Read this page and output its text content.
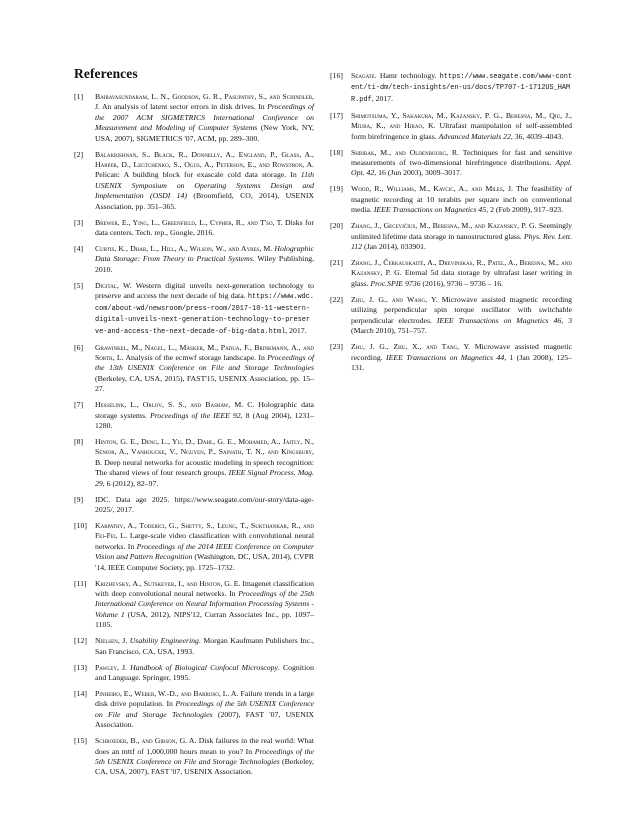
References
[1] Bairavasundaram, L. N., Goodson, G. R., Pasupathy, S., and Schindler, J. An analysis of latent sector errors in disk drives. In Proceedings of the 2007 ACM SIGMETRICS International Conference on Measurement and Modeling of Computer Systems (New York, NY, USA, 2007), SIGMETRICS '07, ACM, pp. 289–300.
[2] Balakrishnan, S., Black, R., Donnelly, A., England, P., Glass, A., Harper, D., Legtchenko, S., Ogus, A., Peterson, E., and Rowstron, A. Pelican: A building block for exascale cold data storage. In 11th USENIX Symposium on Operating Systems Design and Implementation (OSDI 14) (Broomfield, CO, 2014), USENIX Association, pp. 351–365.
[3] Brewer, E., Ying, L., Greenfield, L., Cypher, R., and T'so, T. Disks for data centers. Tech. rep., Google, 2016.
[4] Curtis, K., Dhar, L., Hill, A., Wilson, W., and Ayres, M. Holographic Data Storage: From Theory to Practical Systems. Wiley Publishing, 2010.
[5] Digital, W. Western digital unveils next-generation technology to preserve and access the next decade of big data. https://www.wdc.com/about-wd/newsroom/press-room/2017-10-11-western-digital-unveils-next-generation-technology-to-preserve-and-access-the-next-decade-of-big-data.html, 2017.
[6] Grawinkel, M., Nagel, L., Mäsker, M., Padua, F., Brinkmann, A., and Sorth, L. Analysis of the ecmwf storage landscape. In Proceedings of the 13th USENIX Conference on File and Storage Technologies (Berkeley, CA, USA, 2015), FAST'15, USENIX Association, pp. 15–27.
[7] Hesselink, L., Orlov, S. S., and Bashaw, M. C. Holographic data storage systems. Proceedings of the IEEE 92, 8 (Aug 2004), 1231–1280.
[8] Hinton, G. E., Deng, L., Yu, D., Dahl, G. E., Mohamed, A., Jaitly, N., Senior, A., Vanhoucke, V., Nguyen, P., Sainath, T. N., and Kingsbury, B. Deep neural networks for acoustic modeling in speech recognition: The shared views of four research groups. IEEE Signal Process. Mag. 29, 6 (2012), 82–97.
[9] IDC. Data age 2025. https://www.seagate.com/our-story/data-age-2025/, 2017.
[10] Karpathy, A., Toderici, G., Shetty, S., Leung, T., Sukthankar, R., and Fei-Fei, L. Large-scale video classification with convolutional neural networks. In Proceedings of the 2014 IEEE Conference on Computer Vision and Pattern Recognition (Washington, DC, USA, 2014), CVPR '14, IEEE Computer Society, pp. 1725–1732.
[11] Krizhevsky, A., Sutskever, I., and Hinton, G. E. Imagenet classification with deep convolutional neural networks. In Proceedings of the 25th International Conference on Neural Information Processing Systems - Volume 1 (USA, 2012), NIPS'12, Curran Associates Inc., pp. 1097–1105.
[12] Nielsen, J. Usability Engineering. Morgan Kaufmann Publishers Inc., San Francisco, CA, USA, 1993.
[13] Pawley, J. Handbook of Biological Confocal Microscopy. Cognition and Language. Springer, 1995.
[14] Pinheiro, E., Weber, W.-D., and Barroso, L. A. Failure trends in a large disk drive population. In Proceedings of the 5th USENIX Conference on File and Storage Technologies (2007), FAST '07, USENIX Association.
[15] Schroeder, B., and Gibson, G. A. Disk failures in the real world: What does an mttf of 1,000,000 hours mean to you? In Proceedings of the 5th USENIX Conference on File and Storage Technologies (Berkeley, CA, USA, 2007), FAST '07, USENIX Association.
[16] Seagate. Hamr technology. https://www.seagate.com/www-content/ti-dm/tech-insights/en-us/docs/TP707-1-1712US_HAMR.pdf, 2017.
[17] Shimotsuma, Y., Sakakura, M., Kazansky, P. G., Beresna, M., Qiu, J., Miura, K., and Hirao, K. Ultrafast manipulation of self-assembled form birefringence in glass. Advanced Materials 22, 36, 4039–4043.
[18] Shribak, M., and Oldenbourg, R. Techniques for fast and sensitive measurements of two-dimensional birefringence distributions. Appl. Opt. 42, 16 (Jun 2003), 3009–3017.
[19] Wood, R., Williams, M., Kavcic, A., and Miles, J. The feasibility of magnetic recording at 10 terabits per square inch on conventional media. IEEE Transactions on Magnetics 45, 2 (Feb 2009), 917–923.
[20] Zhang, J., Gecevičius, M., Beresna, M., and Kazansky, P. G. Seemingly unlimited lifetime data storage in nanostructured glass. Phys. Rev. Lett. 112 (Jan 2014), 033901.
[21] Zhang, J., Čerkauskaitė, A., Drevinskas, R., Patel, A., Beresna, M., and Kazansky, P. G. Eternal 5d data storage by ultrafast laser writing in glass. Proc.SPIE 9736 (2016), 9736 – 9736 – 16.
[22] Zhu, J. G., and Wang, Y. Microwave assisted magnetic recording utilizing perpendicular spin torque oscillator with switchable perpendicular electrodes. IEEE Transactions on Magnetics 46, 3 (March 2010), 751–757.
[23] Zhu, J. G., Zhu, X., and Tang, Y. Microwave assisted magnetic recording. IEEE Transactions on Magnetics 44, 1 (Jan 2008), 125–131.
